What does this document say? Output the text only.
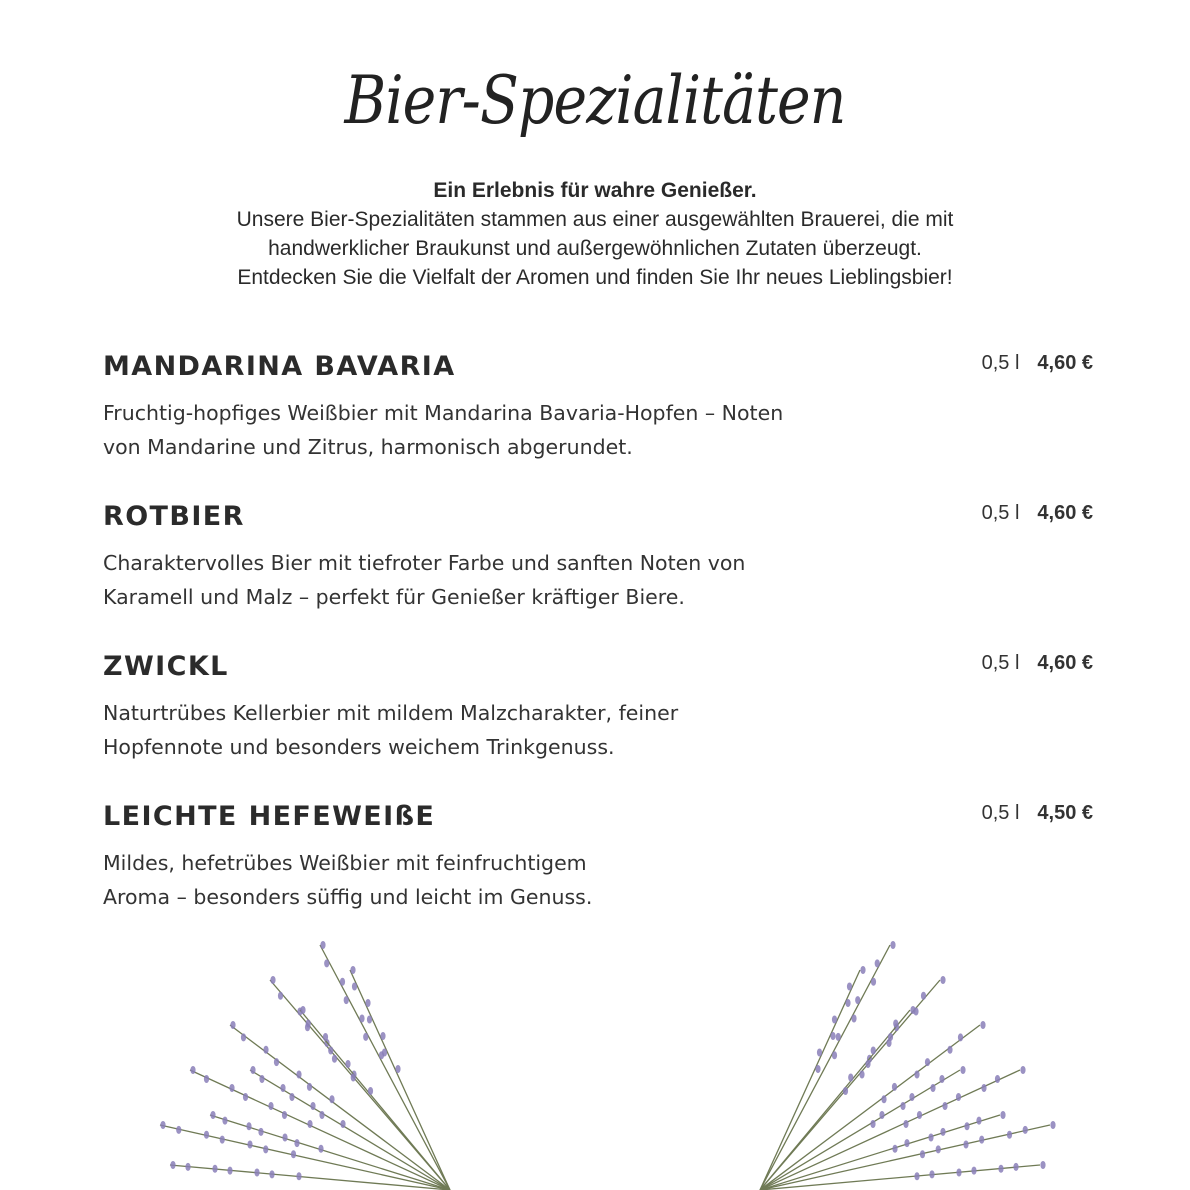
Bier-Spezialitäten
Ein Erlebnis für wahre Genießer.
Unsere Bier-Spezialitäten stammen aus einer ausgewählten Brauerei, die mit
handwerklicher Braukunst und außergewöhnlichen Zutaten überzeugt.
Entdecken Sie die Vielfalt der Aromen und finden Sie Ihr neues Lieblingsbier!
MANDARINA BAVARIA	0,5 l 4,60 €
Fruchtig-hopfiges Weißbier mit Mandarina Bavaria-Hopfen – Noten
von Mandarine und Zitrus, harmonisch abgerundet.
ROTBIER	0,5 l 4,60 €
Charaktervolles Bier mit tiefroter Farbe und sanften Noten von
Karamell und Malz – perfekt für Genießer kräftiger Biere.
ZWICKL	0,5 l 4,60 €
Naturtrübes Kellerbier mit mildem Malzcharakter, feiner
Hopfennote und besonders weichem Trinkgenuss.
LEICHTE HEFEWEIßE	0,5 l 4,50 €
Mildes, hefetrübes Weißbier mit feinfruchtigem
Aroma – besonders süffig und leicht im Genuss.
